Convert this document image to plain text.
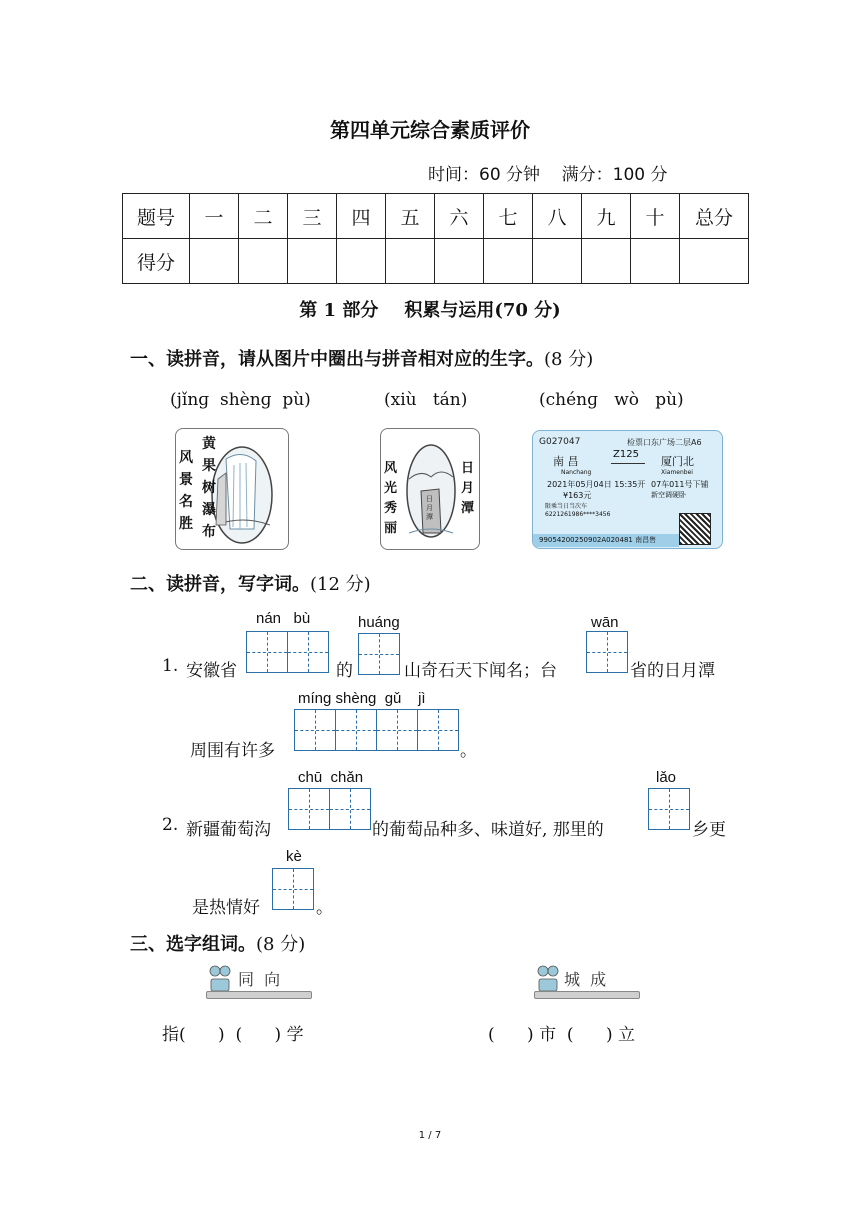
第四单元综合素质评价
时间：60 分钟    满分：100 分
题号	一	二	三	四	五	六	七	八	九	十	总分
得分											
第 1 部分 积累与运用(70 分)
一、读拼音，请从图片中圈出与拼音相对应的生字。(8 分)
(jǐnɡ  shènɡ  pù)	(xiù   tán)	(chénɡ   wò   pù)
风景名胜
黄果树瀑布
风光秀丽
日月潭
日月潭
G027047	检票口东广场二层A6
南 昌
Z125
厦门北
Nanchang	Xiamenbei
2021年05月04日 15:35开 07车011号下铺
¥163元	新空调硬卧
限乘当日当次车
6221261986****3456
99054200250902A020481 南昌售
二、读拼音，写字词。(12 分)
nán   bù	huánɡ	wān
1. 安徽省	的	山奇石天下闻名；台	省的日月潭
mínɡ shènɡ  ɡǔ    jì
周围有许多	。
chū  chǎn	lǎo
2. 新疆葡萄沟	的葡萄品种多、味道好, 那里的	乡更
kè
是热情好	。
三、选字组词。(8 分)
同  向	城  成
指(      )  (      ) 学	(      ) 市  (      ) 立
1 / 7
